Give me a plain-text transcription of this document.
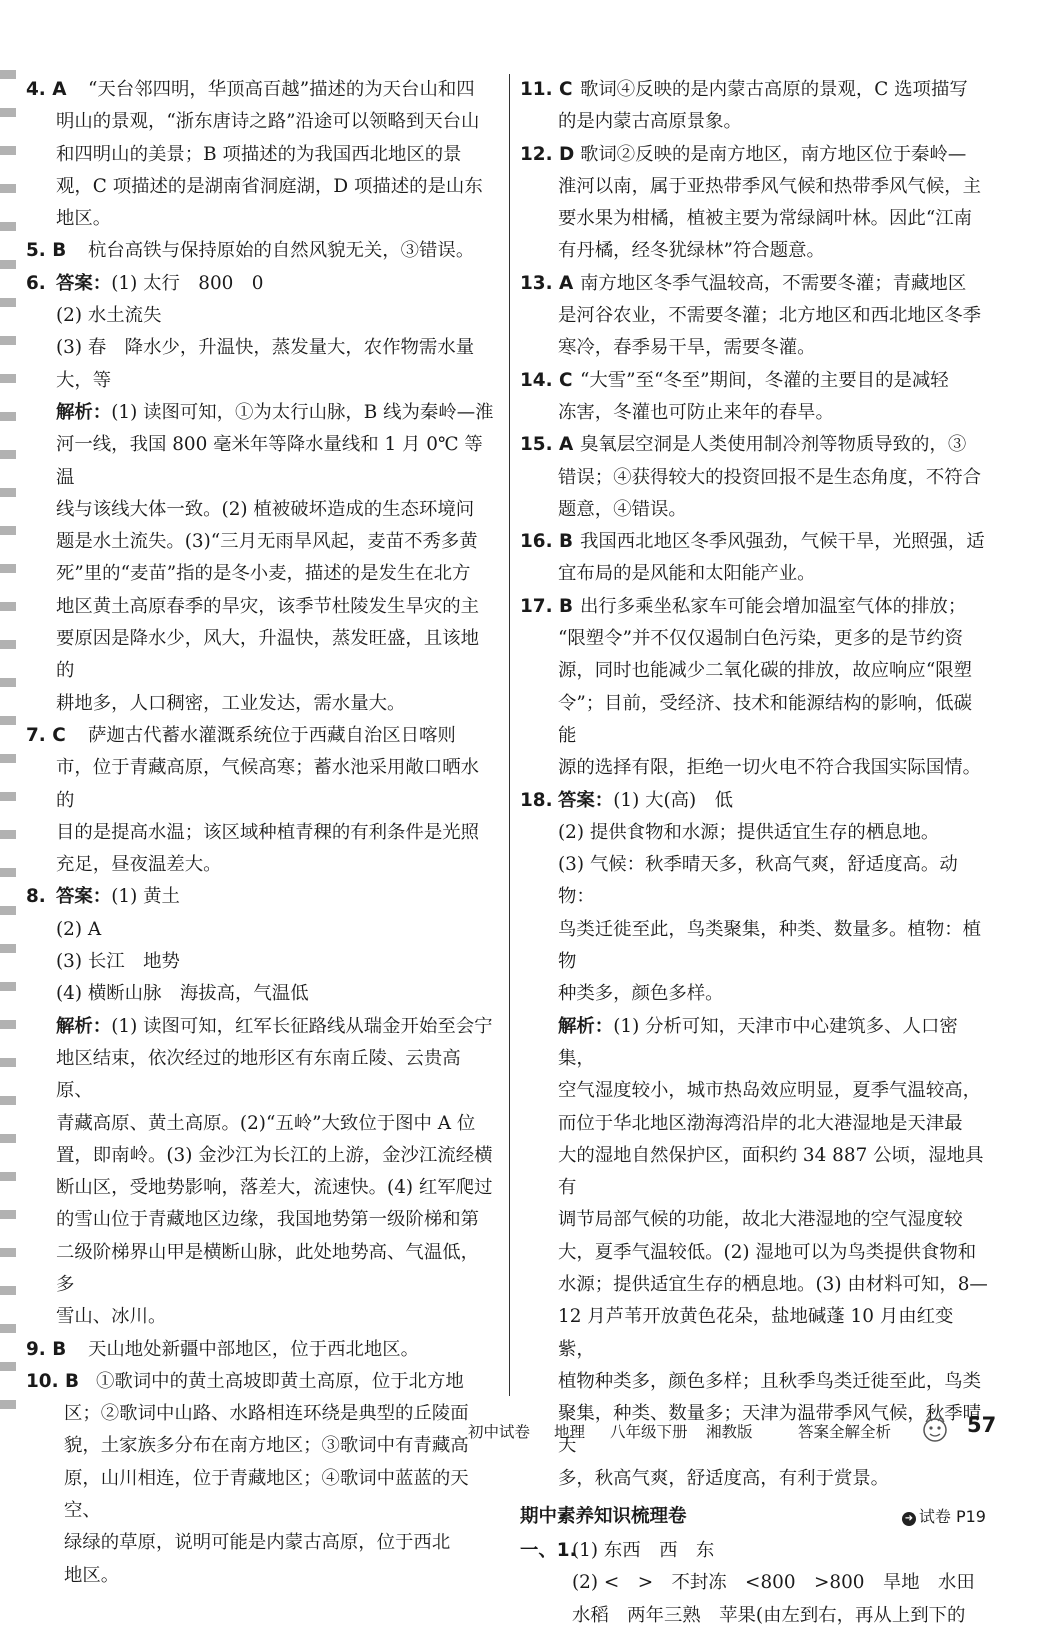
4. A “天台邻四明，华顶高百越”描述的为天台山和四
明山的景观，“浙东唐诗之路”沿途可以领略到天台山
和四明山的美景；B 项描述的为我国西北地区的景
观，C 项描述的是湖南省洞庭湖，D 项描述的是山东
地区。
5. B	杭台高铁与保持原始的自然风貌无关，③错误。
6. 答案：(1) 太行　800　0
(2) 水土流失
(3) 春　降水少，升温快，蒸发量大，农作物需水量
大，等
解析：(1) 读图可知，①为太行山脉，B 线为秦岭—淮
河一线，我国 800 毫米年等降水量线和 1 月 0℃ 等温
线与该线大体一致。(2) 植被破坏造成的生态环境问
题是水土流失。(3)“三月无雨旱风起，麦苗不秀多黄
死”里的“麦苗”指的是冬小麦，描述的是发生在北方
地区黄土高原春季的旱灾，该季节杜陵发生旱灾的主
要原因是降水少，风大，升温快，蒸发旺盛，且该地的
耕地多，人口稠密，工业发达，需水量大。
7. C	萨迦古代蓄水灌溉系统位于西藏自治区日喀则
市，位于青藏高原，气候高寒；蓄水池采用敞口晒水的
目的是提高水温；该区域种植青稞的有利条件是光照
充足，昼夜温差大。
8. 答案：(1) 黄土
(2) A
(3) 长江　地势
(4) 横断山脉　海拔高，气温低
解析：(1) 读图可知，红军长征路线从瑞金开始至会宁
地区结束，依次经过的地形区有东南丘陵、云贵高原、
青藏高原、黄土高原。(2)“五岭”大致位于图中 A 位
置，即南岭。(3) 金沙江为长江的上游，金沙江流经横
断山区，受地势影响，落差大，流速快。(4) 红军爬过
的雪山位于青藏地区边缘，我国地势第一级阶梯和第
二级阶梯界山甲是横断山脉，此处地势高、气温低，多
雪山、冰川。
9. B	天山地处新疆中部地区，位于西北地区。
10. B ①歌词中的黄土高坡即黄土高原，位于北方地
区；②歌词中山路、水路相连环绕是典型的丘陵面
貌，土家族多分布在南方地区；③歌词中有青藏高
原，山川相连，位于青藏地区；④歌词中蓝蓝的天空、
绿绿的草原，说明可能是内蒙古高原，位于西北
地区。
11. C 歌词④反映的是内蒙古高原的景观，C 选项描写
的是内蒙古高原景象。
12. D 歌词②反映的是南方地区，南方地区位于秦岭—
淮河以南，属于亚热带季风气候和热带季风气候，主
要水果为柑橘，植被主要为常绿阔叶林。因此“江南
有丹橘，经冬犹绿林”符合题意。
13. A 南方地区冬季气温较高，不需要冬灌；青藏地区
是河谷农业，不需要冬灌；北方地区和西北地区冬季
寒冷，春季易干旱，需要冬灌。
14. C “大雪”至“冬至”期间，冬灌的主要目的是减轻
冻害，冬灌也可防止来年的春旱。
15. A 臭氧层空洞是人类使用制冷剂等物质导致的，③
错误；④获得较大的投资回报不是生态角度，不符合
题意，④错误。
16. B 我国西北地区冬季风强劲，气候干旱，光照强，适
宜布局的是风能和太阳能产业。
17. B 出行多乘坐私家车可能会增加温室气体的排放；
“限塑令”并不仅仅遏制白色污染，更多的是节约资
源，同时也能减少二氧化碳的排放，故应响应“限塑
令”；目前，受经济、技术和能源结构的影响，低碳能
源的选择有限，拒绝一切火电不符合我国实际国情。
18. 答案：(1) 大(高)　低
(2) 提供食物和水源；提供适宜生存的栖息地。
(3) 气候：秋季晴天多，秋高气爽，舒适度高。动物：
鸟类迁徙至此，鸟类聚集，种类、数量多。植物：植物
种类多，颜色多样。
解析：(1) 分析可知，天津市中心建筑多、人口密集，
空气湿度较小，城市热岛效应明显，夏季气温较高，
而位于华北地区渤海湾沿岸的北大港湿地是天津最
大的湿地自然保护区，面积约 34 887 公顷，湿地具有
调节局部气候的功能，故北大港湿地的空气湿度较
大，夏季气温较低。(2) 湿地可以为鸟类提供食物和
水源；提供适宜生存的栖息地。(3) 由材料可知，8—
12 月芦苇开放黄色花朵，盐地碱蓬 10 月由红变紫，
植物种类多，颜色多样；且秋季鸟类迁徙至此，鸟类
聚集，种类、数量多；天津为温带季风气候，秋季晴天
多，秋高气爽，舒适度高，有利于赏景。
期中素养知识梳理卷	➜ 试卷 P19
一、1.
(1) 东西　西　东
(2) <　>　不封冻　<800　>800　旱地　水田
水稻　两年三熟　苹果(由左到右，再从上到下的
初中试卷 地理 八年级下册 湘教版	答案全解全析	57
